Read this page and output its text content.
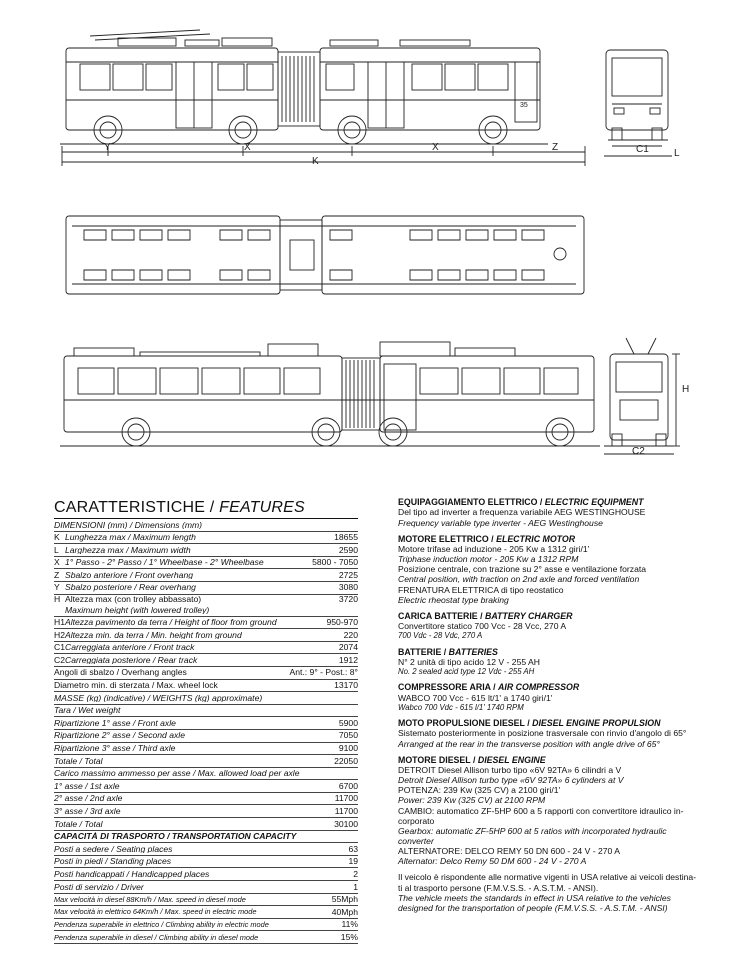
Y	X
K
X	Z	C1	L
H
C2
35
CARATTERISTICHE / FEATURES
DIMENSIONI (mm) / Dimensions (mm)
K Lunghezza max / Maximum length	18655
L Larghezza max / Maximum width	2590
X 1° Passo - 2° Passo / 1° Wheelbase - 2° Wheelbase	5800 - 7050
Z Sbalzo anteriore / Front overhang	2725
Y Sbalzo posteriore / Rear overhang	3080
H Altezza max (con trolley abbassato)	3720
Maximum height (with lowered trolley)
H1 Altezza pavimento da terra / Height of floor from ground	950-970
H2 Altezza min. da terra / Min. height from ground	220
C1 Carreggiata anteriore / Front track	2074
C2 Carreggiata posteriore / Rear track	1912
Angoli di sbalzo / Overhang angles	Ant.: 9° - Post.: 8°
Diametro min. di sterzata / Max. wheel lock	13170
MASSE (kg) (indicative) / WEIGHTS (kg) approximate)
Tara / Wet weight
Ripartizione 1° asse / Front axle	5900
Ripartizione 2° asse / Second axle	7050
Ripartizione 3° asse / Third axle	9100
Totale / Total	22050
Carico massimo ammesso per asse / Max. allowed load per axle
1° asse / 1st axle	6700
2° asse / 2nd axle	11700
3° asse / 3rd axle	11700
Totale / Total	30100
CAPACITÀ DI TRASPORTO / TRANSPORTATION CAPACITY
Posti a sedere / Seating places	63
Posti in piedi / Standing places	19
Posti handicappati / Handicapped places	2
Posti di servizio / Driver	1
Max velocità in diesel 88Km/h / Max. speed in diesel mode	55Mph
Max velocità in elettrico 64Km/h / Max. speed in electric mode	40Mph
Pendenza superabile in elettrico / Climbing ability in electric mode	11%
Pendenza superabile in diesel / Climbing ability in diesel mode	15%
EQUIPAGGIAMENTO ELETTRICO / ELECTRIC EQUIPMENT
Del tipo ad inverter a frequenza variabile AEG WESTINGHOUSE
Frequency variable type inverter - AEG Westinghouse
MOTORE ELETTRICO / ELECTRIC MOTOR
Motore trifase ad induzione - 205 Kw a 1312 giri/1'
Triphase induction motor - 205 Kw a 1312 RPM
Posizione centrale, con trazione su 2° asse e ventilazione forzata
Central position, with traction on 2nd axle and forced ventilation
FRENATURA ELETTRICA di tipo reostatico
Electric rheostat type braking
CARICA BATTERIE / BATTERY CHARGER
Convertitore statico 700 Vcc - 28 Vcc, 270 A
700 Vdc - 28 Vdc, 270 A
BATTERIE / BATTERIES
N° 2 unità di tipo acido 12 V - 255 AH
No. 2 sealed acid type 12 Vdc - 255 AH
COMPRESSORE ARIA / AIR COMPRESSOR
WABCO 700 Vcc - 615 lt/1' a 1740 giri/1'
Wabco 700 Vdc - 615 l/1' 1740 RPM
MOTO PROPULSIONE DIESEL / DIESEL ENGINE PROPULSION
Sistemato posteriormente in posizione trasversale con rinvio d'angolo di 65°
Arranged at the rear in the transverse position with angle drive of 65°
MOTORE DIESEL / DIESEL ENGINE
DETROIT Diesel Allison turbo tipo «6V 92TA» 6 cilindri a V
Detroit Diesel Allison turbo type «6V 92TA» 6 cylinders at V
POTENZA: 239 Kw (325 CV) a 2100 giri/1'
Power: 239 Kw (325 CV) at 2100 RPM
CAMBIO: automatico ZF-5HP 600 a 5 rapporti con convertitore idraulico in-
corporato
Gearbox: automatic ZF-5HP 600 at 5 ratios with incorporated hydraulic
converter
ALTERNATORE: DELCO REMY 50 DN 600 - 24 V - 270 A
Alternator: Delco Remy 50 DM 600 - 24 V - 270 A
Il veicolo è rispondente alle normative vigenti in USA relative ai veicoli destina-
ti al trasporto persone (F.M.V.S.S. - A.S.T.M. - ANSI).
The vehicle meets the standards in effect in USA relative to the vehicles
designed for the transportation of people (F.M.V.S.S. - A.S.T.M. - ANSI)
